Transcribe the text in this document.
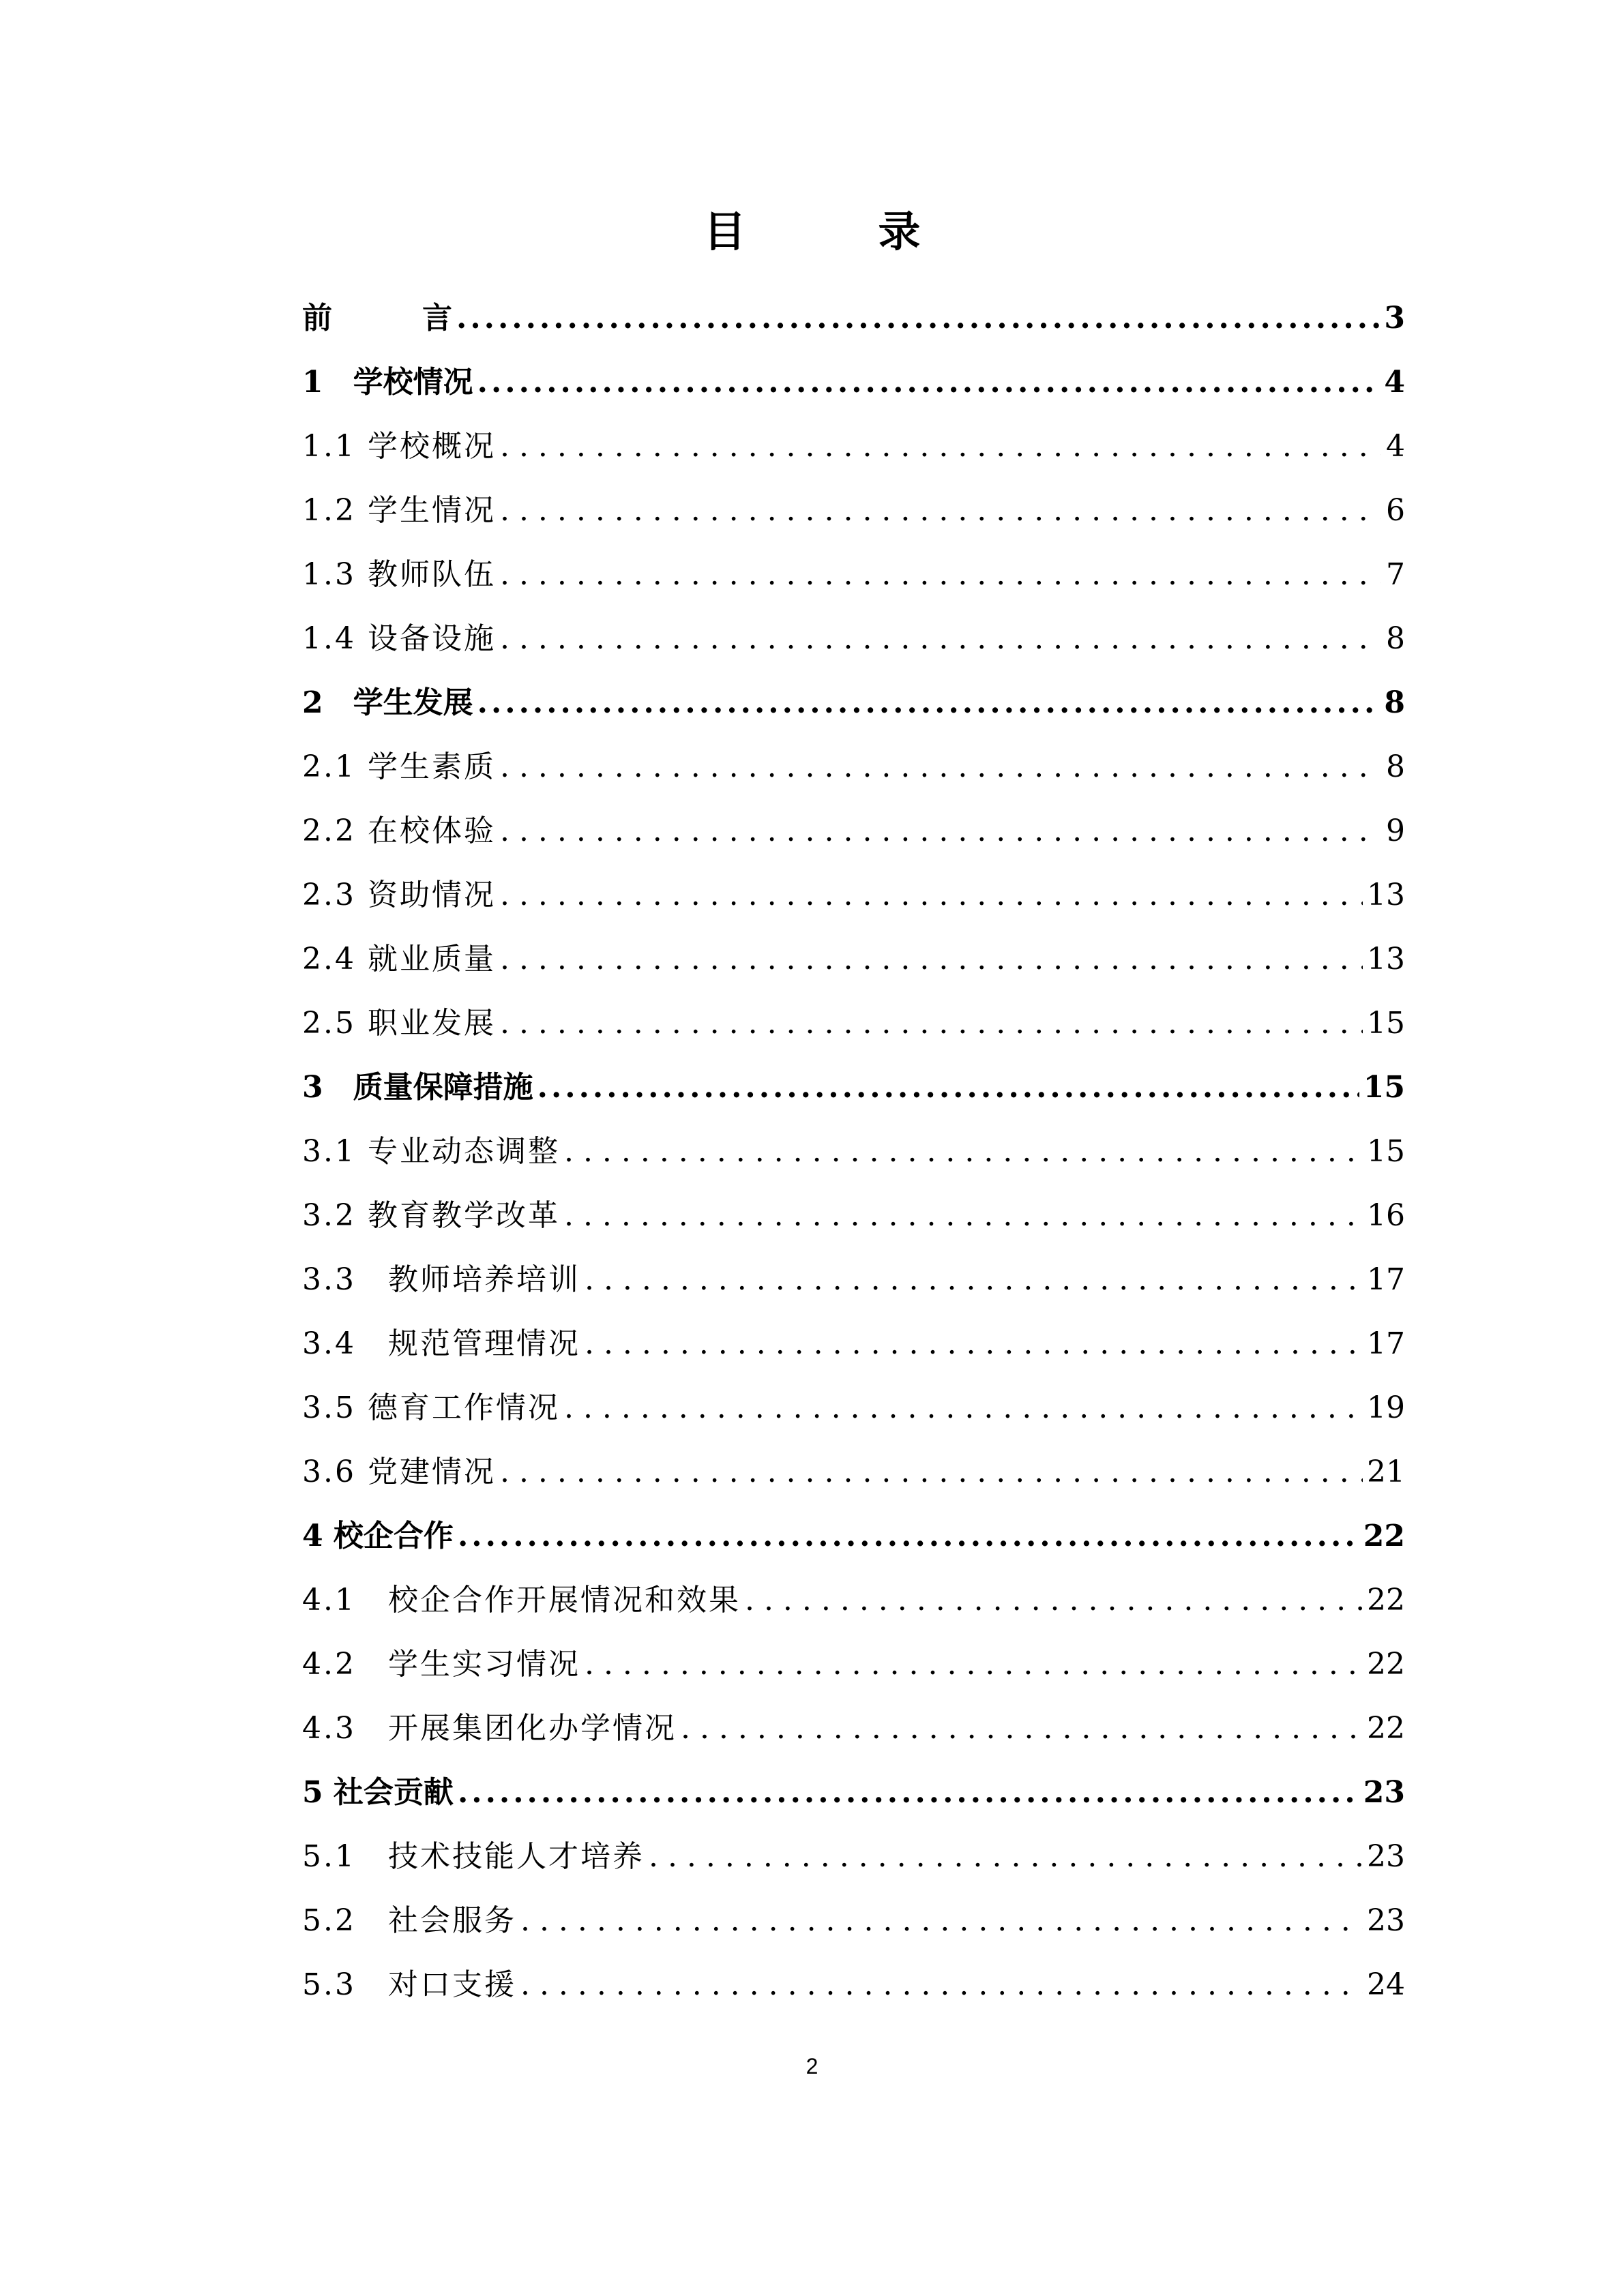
目　录
前　　　言 .....	3
1　学校情况 .....	4
1.1 学校概况 . . .	4
1.2 学生情况 . . .	6
1.3 教师队伍 . . .	7
1.4 设备设施 . . .	8
2　学生发展 .....	8
2.1 学生素质 . . .	8
2.2 在校体验 . . .	9
2.3 资助情况 . . .	13
2.4 就业质量 . . .	13
2.5 职业发展 . . .	15
3　质量保障措施 .....	15
3.1 专业动态调整 . . .	15
3.2 教育教学改革 . . .	16
3.3　教师培养培训 . . .	17
3.4　规范管理情况 . . .	17
3.5 德育工作情况 . . .	19
3.6 党建情况 . . .	21
4 校企合作 .....	22
4.1　校企合作开展情况和效果 . . .	22
4.2　学生实习情况 . . .	22
4.3　开展集团化办学情况 . . .	22
5 社会贡献 .....	23
5.1　技术技能人才培养 . . .	23
5.2　社会服务 . . .	23
5.3　对口支援 . . .	24
2
